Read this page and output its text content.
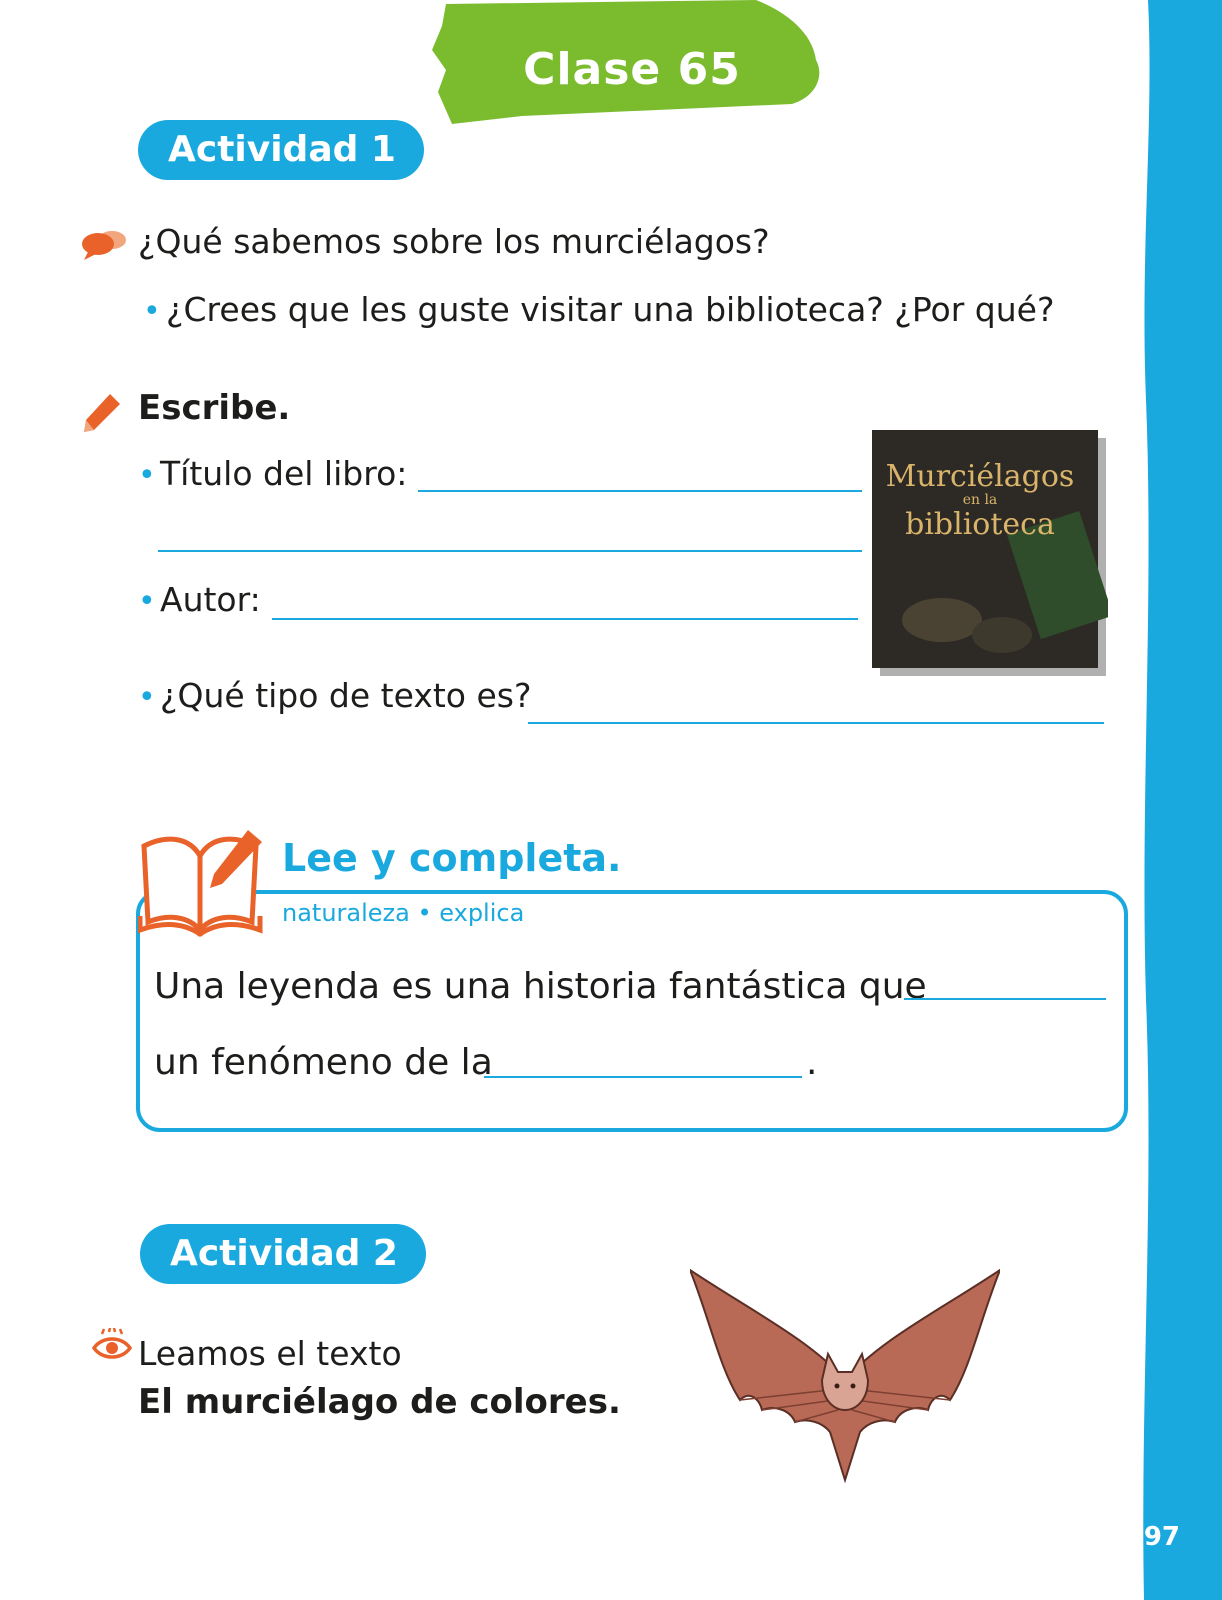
97
Clase 65
Actividad 1
¿Qué sabemos sobre los murciélagos?
• ¿Crees que les guste visitar una biblioteca? ¿Por qué?
Escribe.
• Título del libro:
• Autor:
• ¿Qué tipo de texto es?
Murciélagos
en la
biblioteca
Lee y completa.
naturaleza • explica
Una leyenda es una historia fantástica que
un fenómeno de la	.
Actividad 2
Leamos el texto
El murciélago de colores.
